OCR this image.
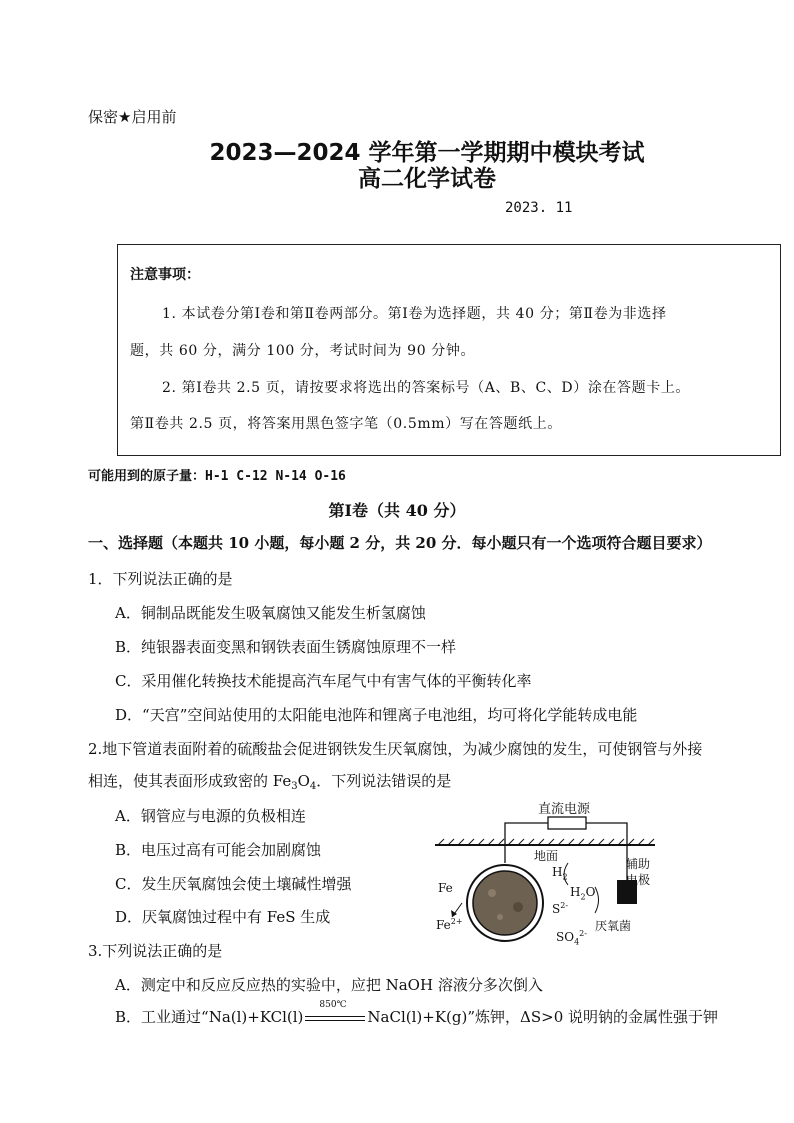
保密★启用前
2023—2024 学年第一学期期中模块考试
高二化学试卷
2023. 11
注意事项：
1. 本试卷分第Ⅰ卷和第Ⅱ卷两部分。第Ⅰ卷为选择题，共 40 分；第Ⅱ卷为非选择
题，共 60 分，满分 100 分，考试时间为 90 分钟。
2. 第Ⅰ卷共 2.5 页，请按要求将选出的答案标号（A、B、C、D）涂在答题卡上。
第Ⅱ卷共 2.5 页，将答案用黑色签字笔（0.5mm）写在答题纸上。
可能用到的原子量：H-1 C-12 N-14 O-16
第Ⅰ卷（共 40 分）
一、选择题（本题共 10 小题，每小题 2 分，共 20 分．每小题只有一个选项符合题目要求）
1．下列说法正确的是
A．铜制品既能发生吸氧腐蚀又能发生析氢腐蚀
B．纯银器表面变黑和钢铁表面生锈腐蚀原理不一样
C．采用催化转换技术能提高汽车尾气中有害气体的平衡转化率
D．“天宫”空间站使用的太阳能电池阵和锂离子电池组，均可将化学能转成电能
2.地下管道表面附着的硫酸盐会促进钢铁发生厌氧腐蚀，为减少腐蚀的发生，可使钢管与外接
相连，使其表面形成致密的 $Fe_3O_4$．下列说法错误的是
A．钢管应与电源的负极相连
B．电压过高有可能会加剧腐蚀
C．发生厌氧腐蚀会使土壤碱性增强
D．厌氧腐蚀过程中有 FeS 生成
直流电源
地面
辅助
电极
Fe
$Fe^{2+}$
$H_2$
$H_2O$
$S^{2-}$
$SO_4^{2-}$
厌氧菌
3.下列说法正确的是
A．测定中和反应反应热的实验中，应把 NaOH 溶液分多次倒入
B．工业通过“Na(l)+KCl(l)
850℃
NaCl(l)+K(g)”炼钾，ΔS>0 说明钠的金属性强于钾
